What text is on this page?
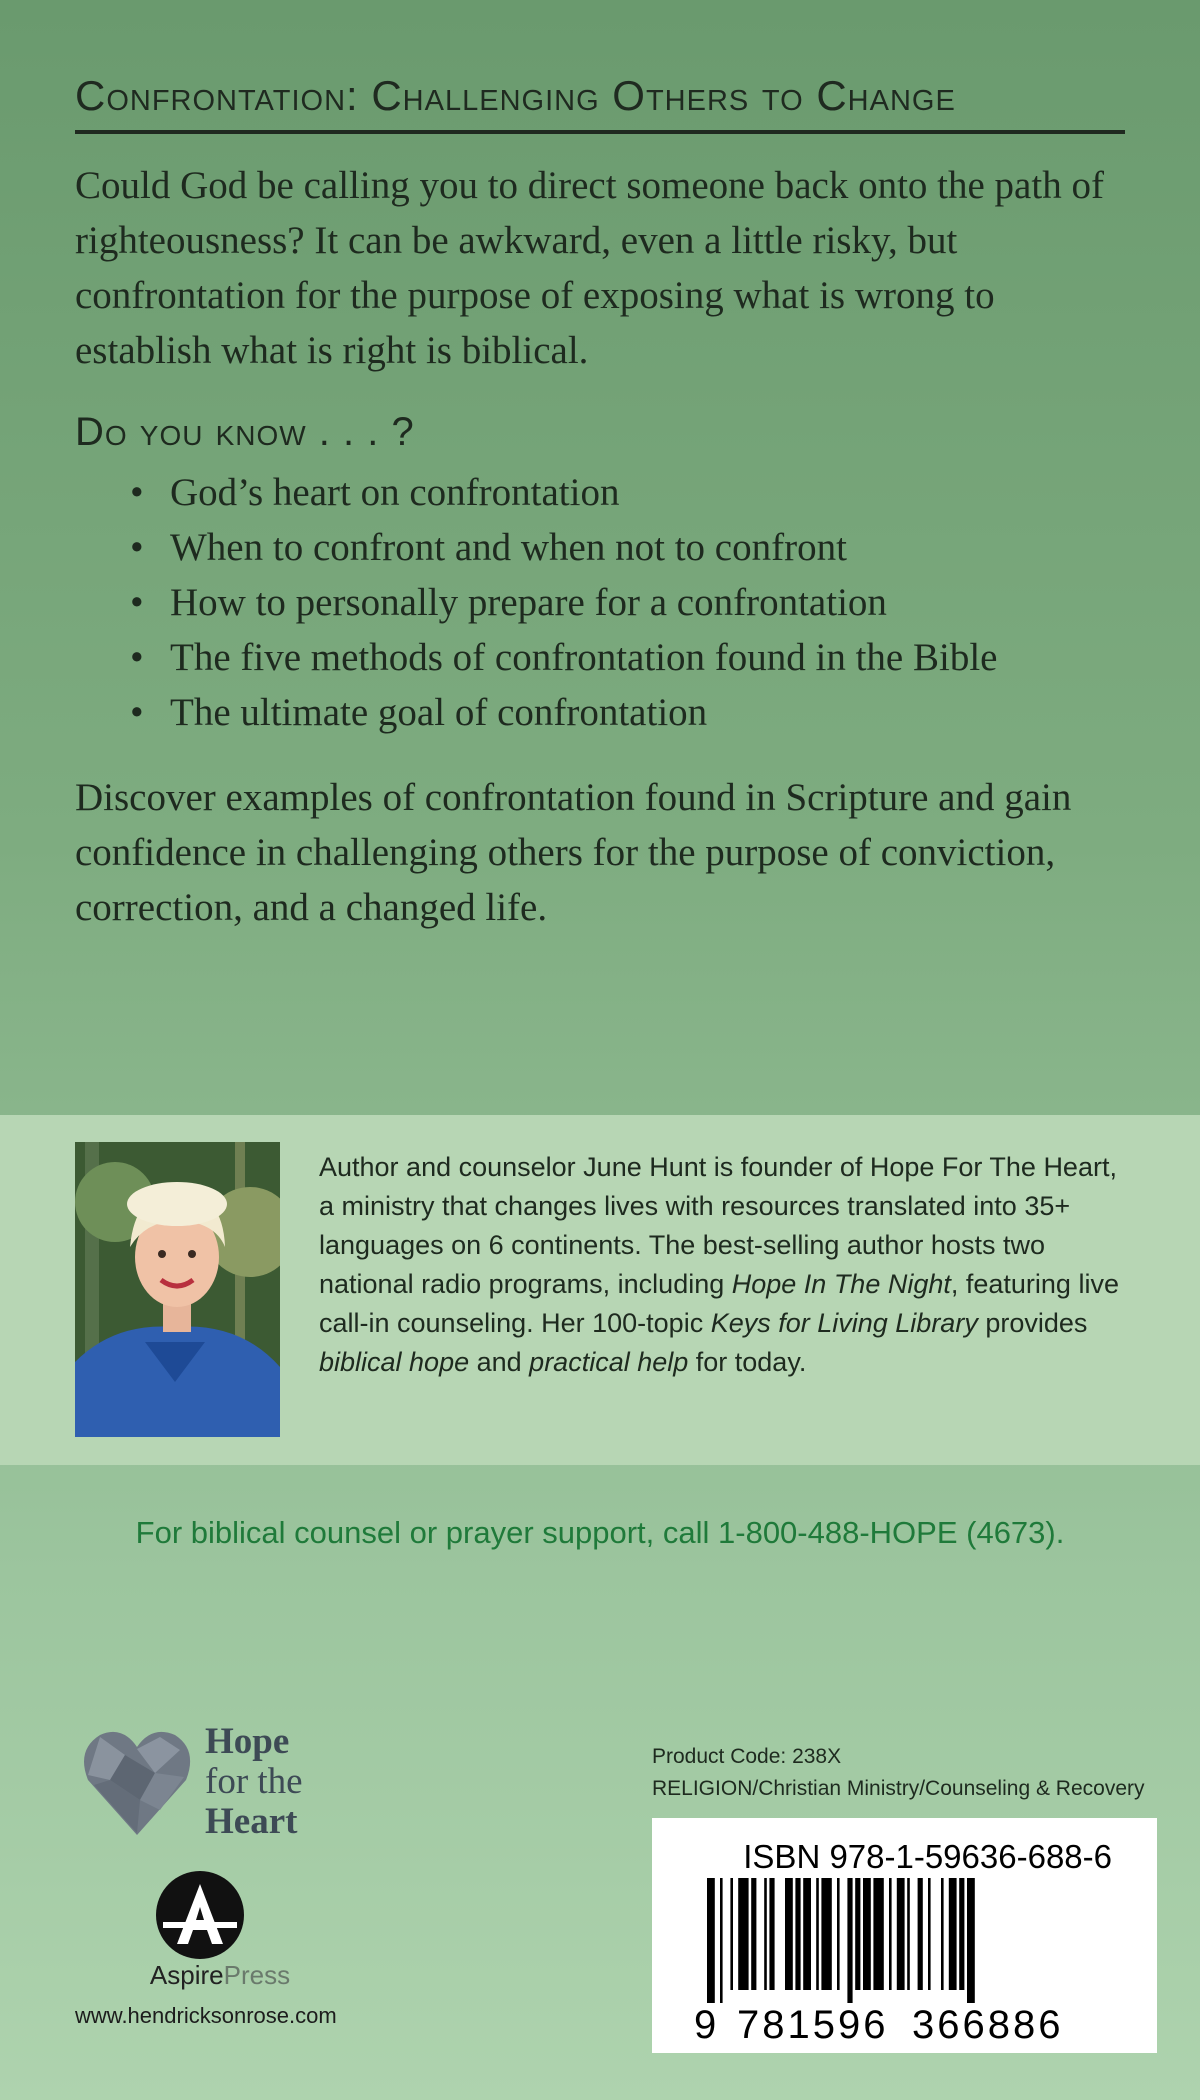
Confrontation: Challenging Others to Change

Could God be calling you to direct someone back onto the path of righteousness? It can be awkward, even a little risky, but confrontation for the purpose of exposing what is wrong to establish what is right is biblical.

Do you know . . . ?
• God’s heart on confrontation
• When to confront and when not to confront
• How to personally prepare for a confrontation
• The five methods of confrontation found in the Bible
• The ultimate goal of confrontation

Discover examples of confrontation found in Scripture and gain confidence in challenging others for the purpose of conviction, correction, and a changed life.

Author and counselor June Hunt is founder of Hope For The Heart, a ministry that changes lives with resources translated into 35+ languages on 6 continents. The best-selling author hosts two national radio programs, including Hope In The Night, featuring live call-in counseling. Her 100-topic Keys for Living Library provides biblical hope and practical help for today.

For biblical counsel or prayer support, call 1-800-488-HOPE (4673).

Hope
for the
Heart
AspirePress
www.hendricksonrose.com
Product Code: 238X
RELIGION/Christian Ministry/Counseling & Recovery
ISBN 978-1-59636-688-6
9 781596 366886
